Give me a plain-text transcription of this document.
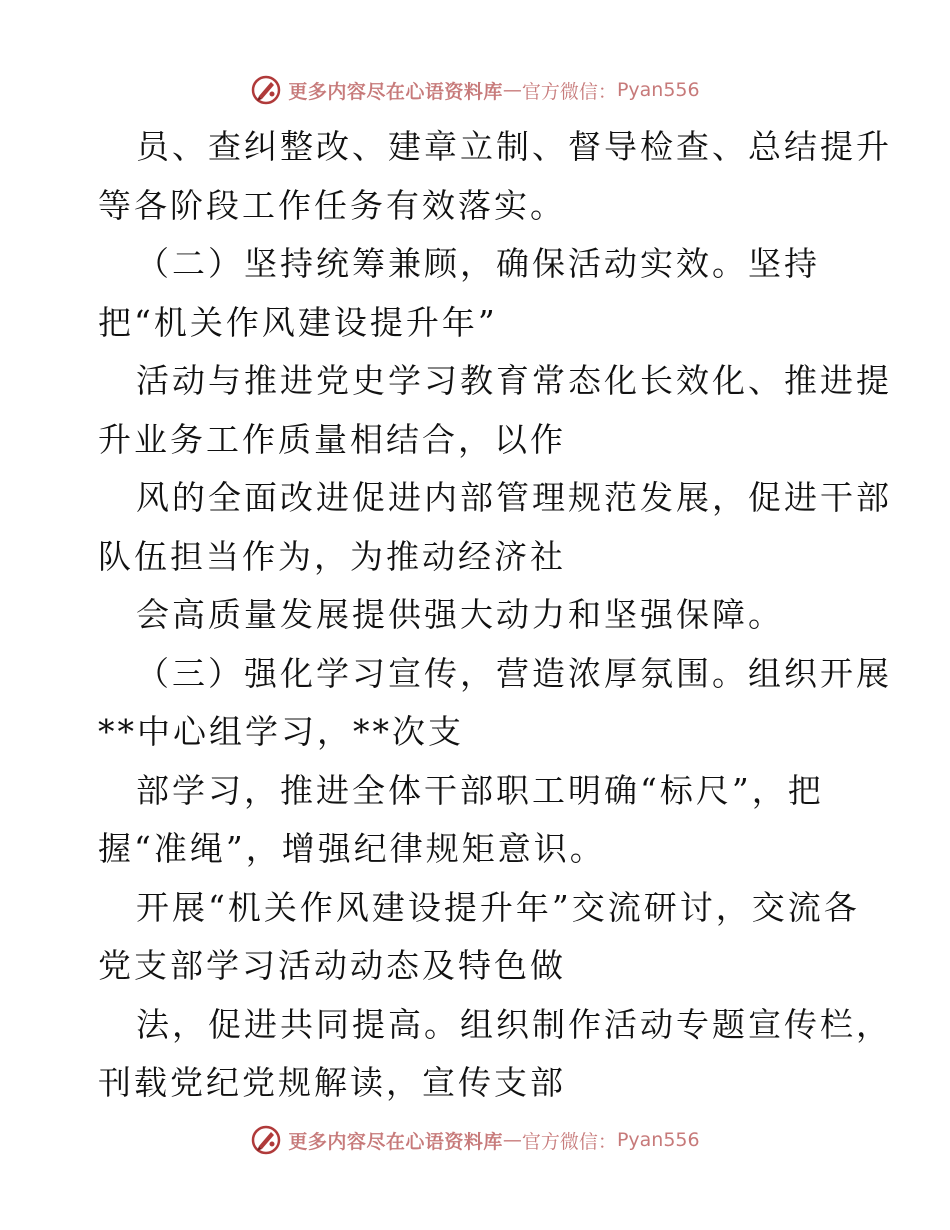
更多内容尽在心语资料库 — 官方微信： Pyan556
员、查纠整改、建章立制、督导检查、总结提升
等各阶段工作任务有效落实。
（二）坚持统筹兼顾，确保活动实效。坚持
把“机关作风建设提升年”
活动与推进党史学习教育常态化长效化、推进提
升业务工作质量相结合，以作
风的全面改进促进内部管理规范发展，促进干部
队伍担当作为，为推动经济社
会高质量发展提供强大动力和坚强保障。
（三）强化学习宣传，营造浓厚氛围。组织开展
**中心组学习，**次支
部学习，推进全体干部职工明确“标尺”，把
握“准绳”，增强纪律规矩意识。
开展“机关作风建设提升年”交流研讨，交流各
党支部学习活动动态及特色做
法，促进共同提高。组织制作活动专题宣传栏，
刊载党纪党规解读，宣传支部
更多内容尽在心语资料库 — 官方微信： Pyan556
